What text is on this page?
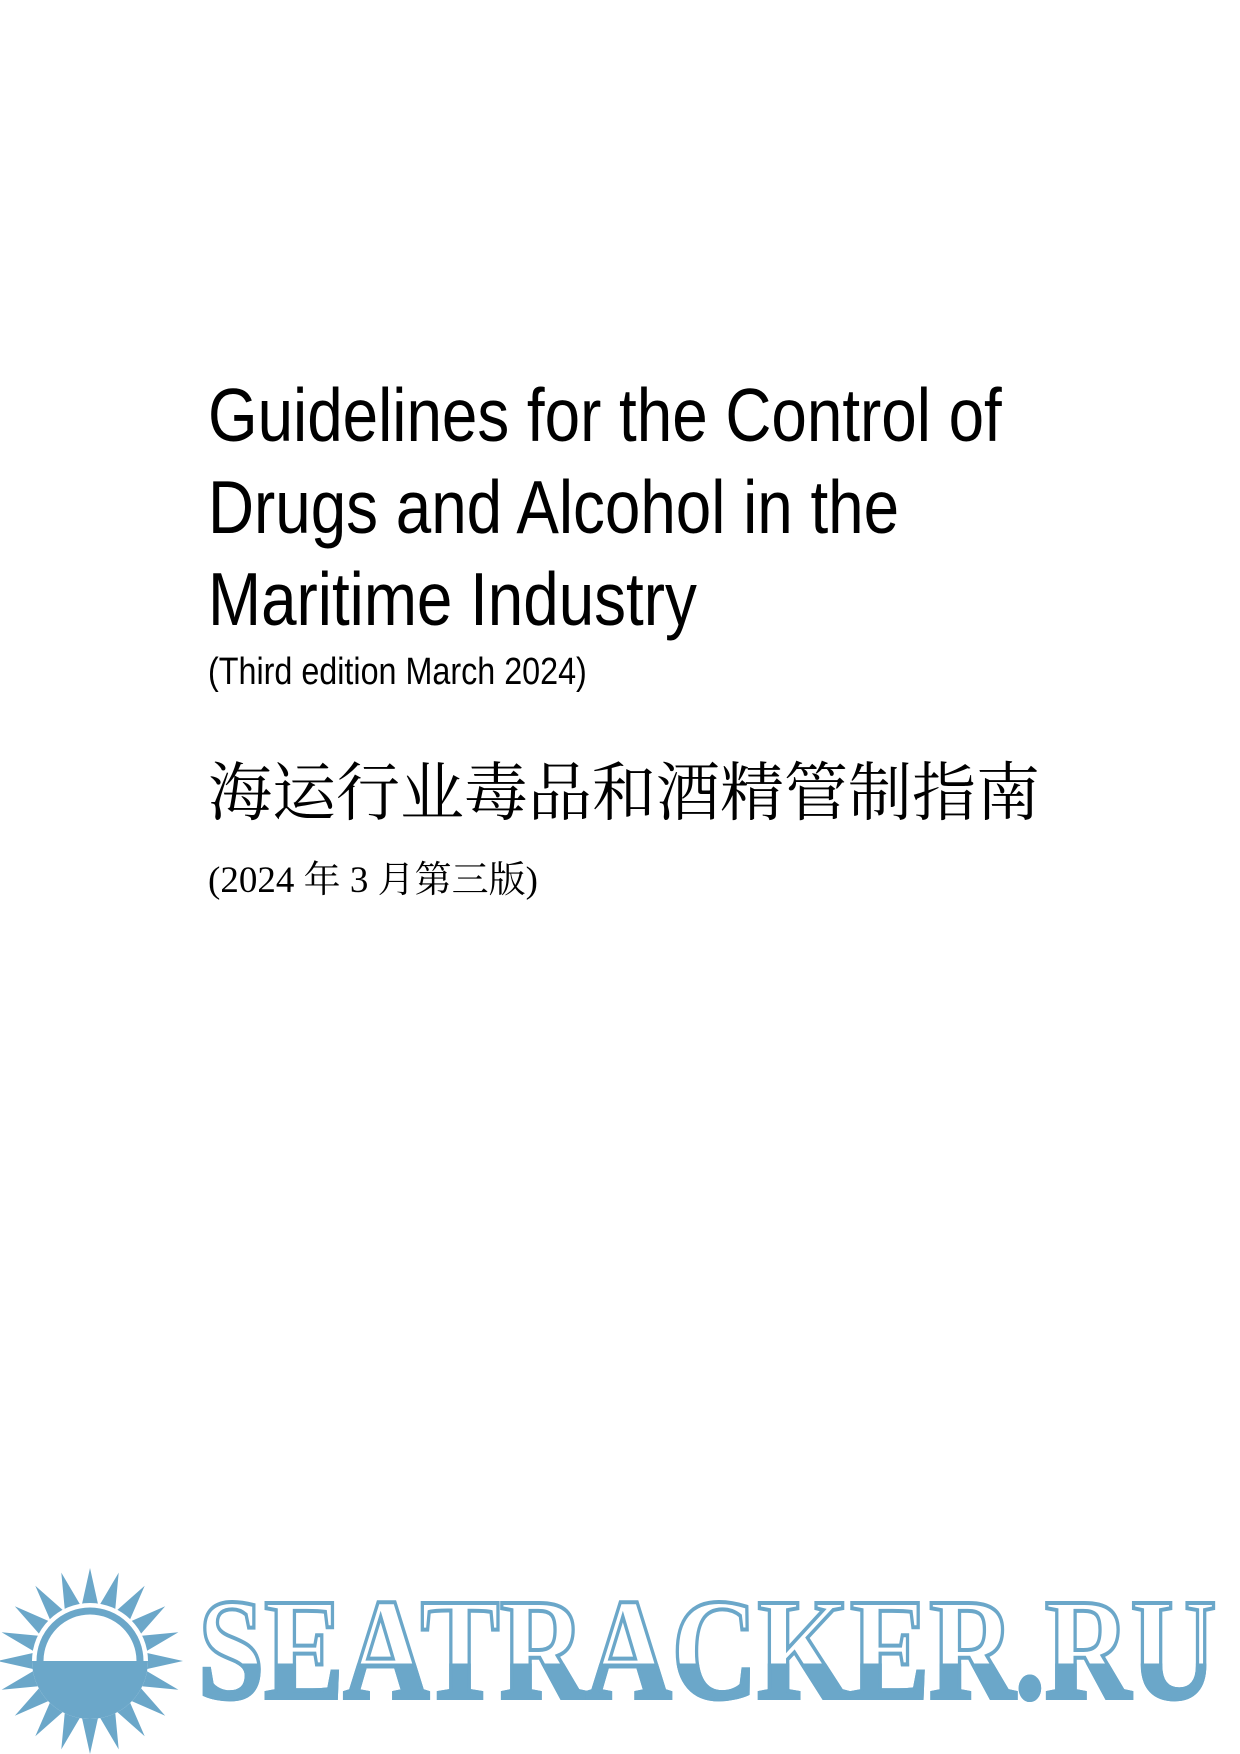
Guidelines for the Control of
Drugs and Alcohol in the
Maritime Industry
(Third edition March 2024)
海运行业毒品和酒精管制指南
(2024 年 3 月第三版)
SEATRACKER.RU
